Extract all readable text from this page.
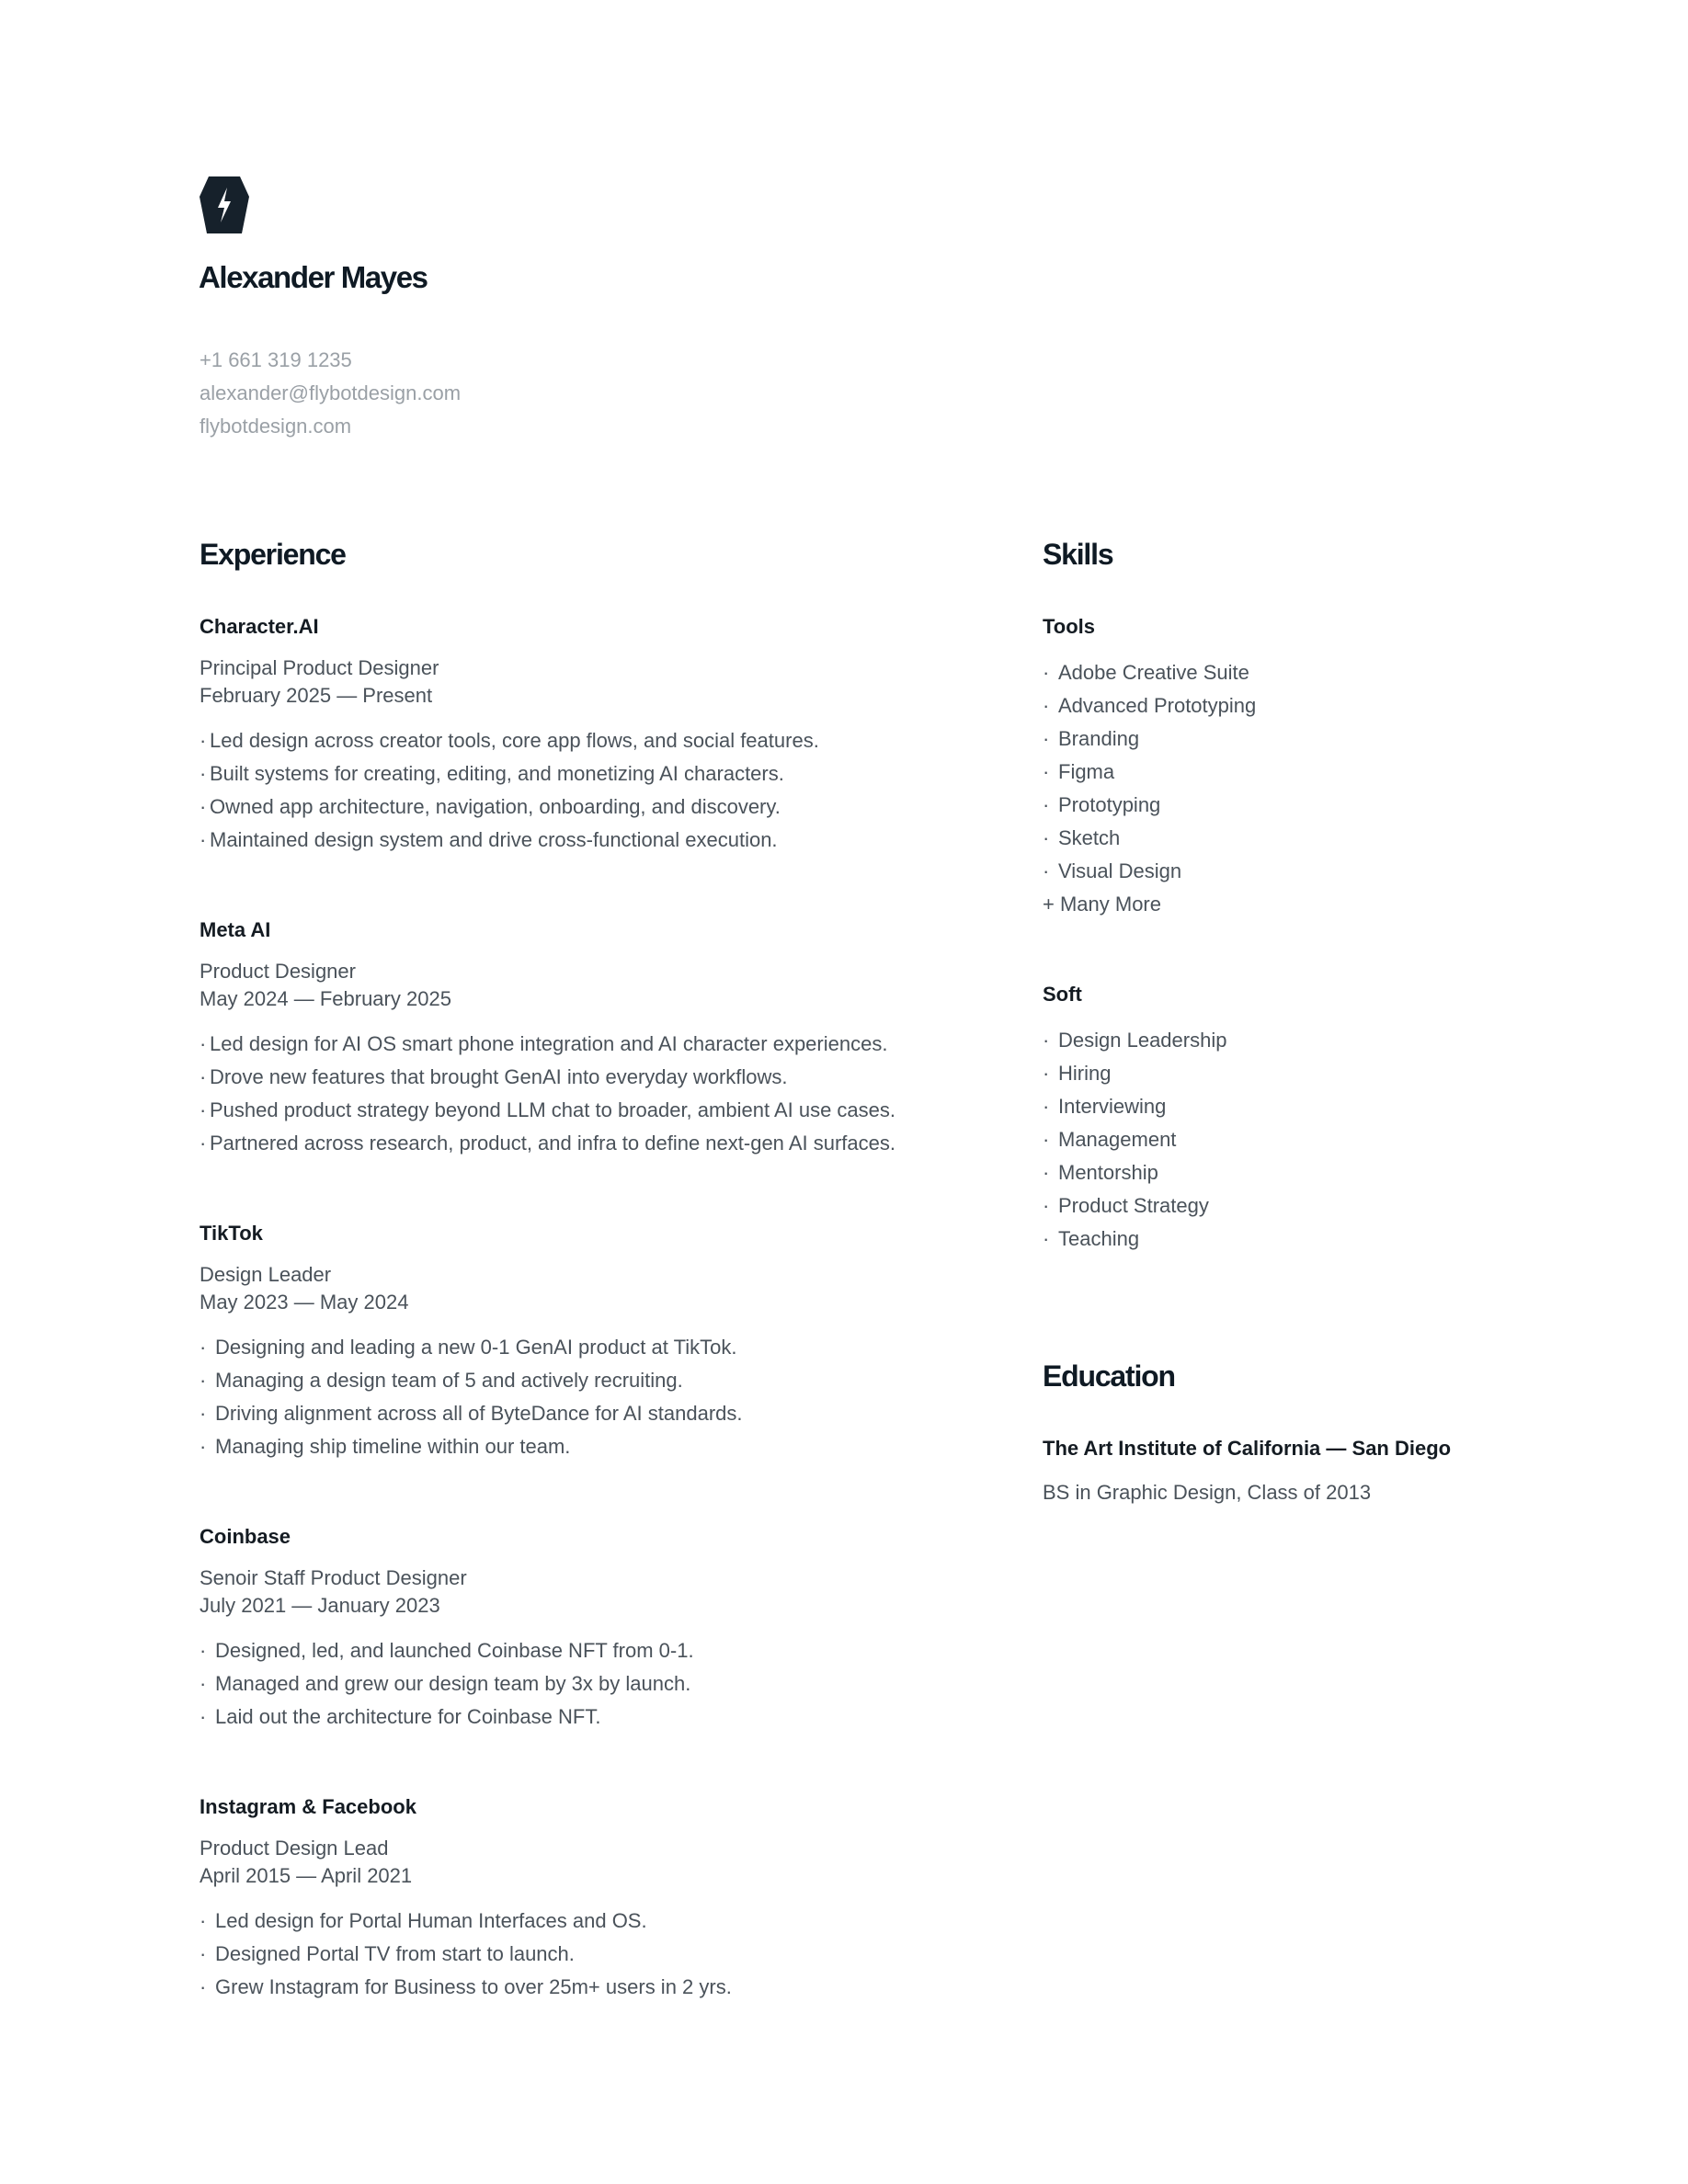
Alexander Mayes
+1 661 319 1235
alexander@flybotdesign.com
flybotdesign.com
Experience
Character.AI
Principal Product Designer
February 2025 — Present
· Led design across creator tools, core app flows, and social features.
· Built systems for creating, editing, and monetizing AI characters.
· Owned app architecture, navigation, onboarding, and discovery.
· Maintained design system and drive cross-functional execution.
Meta AI
Product Designer
May 2024 — February 2025
· Led design for AI OS smart phone integration and AI character experiences.
· Drove new features that brought GenAI into everyday workflows.
· Pushed product strategy beyond LLM chat to broader, ambient AI use cases.
· Partnered across research, product, and infra to define next-gen AI surfaces.
TikTok
Design Leader
May 2023 — May 2024
· Designing and leading a new 0-1 GenAI product at TikTok.
· Managing a design team of 5 and actively recruiting.
· Driving alignment across all of ByteDance for AI standards.
· Managing ship timeline within our team.
Coinbase
Senoir Staff Product Designer
July 2021 — January 2023
· Designed, led, and launched Coinbase NFT from 0-1.
· Managed and grew our design team by 3x by launch.
· Laid out the architecture for Coinbase NFT.
Instagram & Facebook
Product Design Lead
April 2015 — April 2021
· Led design for Portal Human Interfaces and OS.
· Designed Portal TV from start to launch.
· Grew Instagram for Business to over 25m+ users in 2 yrs.
Skills
Tools
· Adobe Creative Suite
· Advanced Prototyping
· Branding
· Figma
· Prototyping
· Sketch
· Visual Design
+ Many More
Soft
· Design Leadership
· Hiring
· Interviewing
· Management
· Mentorship
· Product Strategy
· Teaching
Education
The Art Institute of California — San Diego
BS in Graphic Design, Class of 2013
